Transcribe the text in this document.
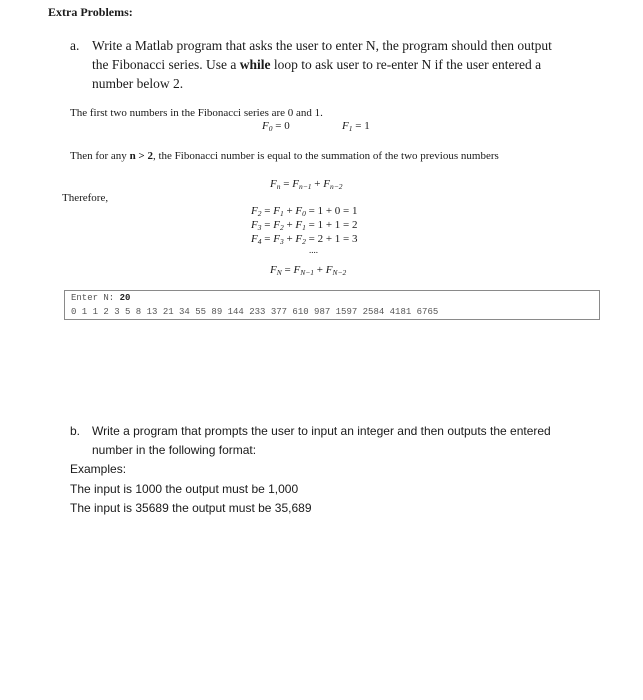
Extra Problems:
a. Write a Matlab program that asks the user to enter N, the program should then output
the Fibonacci series. Use a while loop to ask user to re-enter N if the user entered a
number below 2.
The first two numbers in the Fibonacci series are 0 and 1.
$F_0 = 0$	$F_1 = 1$
Then for any n > 2, the Fibonacci number is equal to the summation of the two previous numbers
$F_n = F_{n-1} + F_{n-2}$
Therefore,
$F_2 = F_1 + F_0 = 1 + 0 = 1$
$F_3 = F_2 + F_1 = 1 + 1 = 2$
$F_4 = F_3 + F_2 = 2 + 1 = 3$
....
$F_N = F_{N-1} + F_{N-2}$
Enter N: 20
0 1 1 2 3 5 8 13 21 34 55 89 144 233 377 610 987 1597 2584 4181 6765
b. Write a program that prompts the user to input an integer and then outputs the entered
number in the following format:
Examples:
The input is 1000 the output must be 1,000
The input is 35689 the output must be 35,689
